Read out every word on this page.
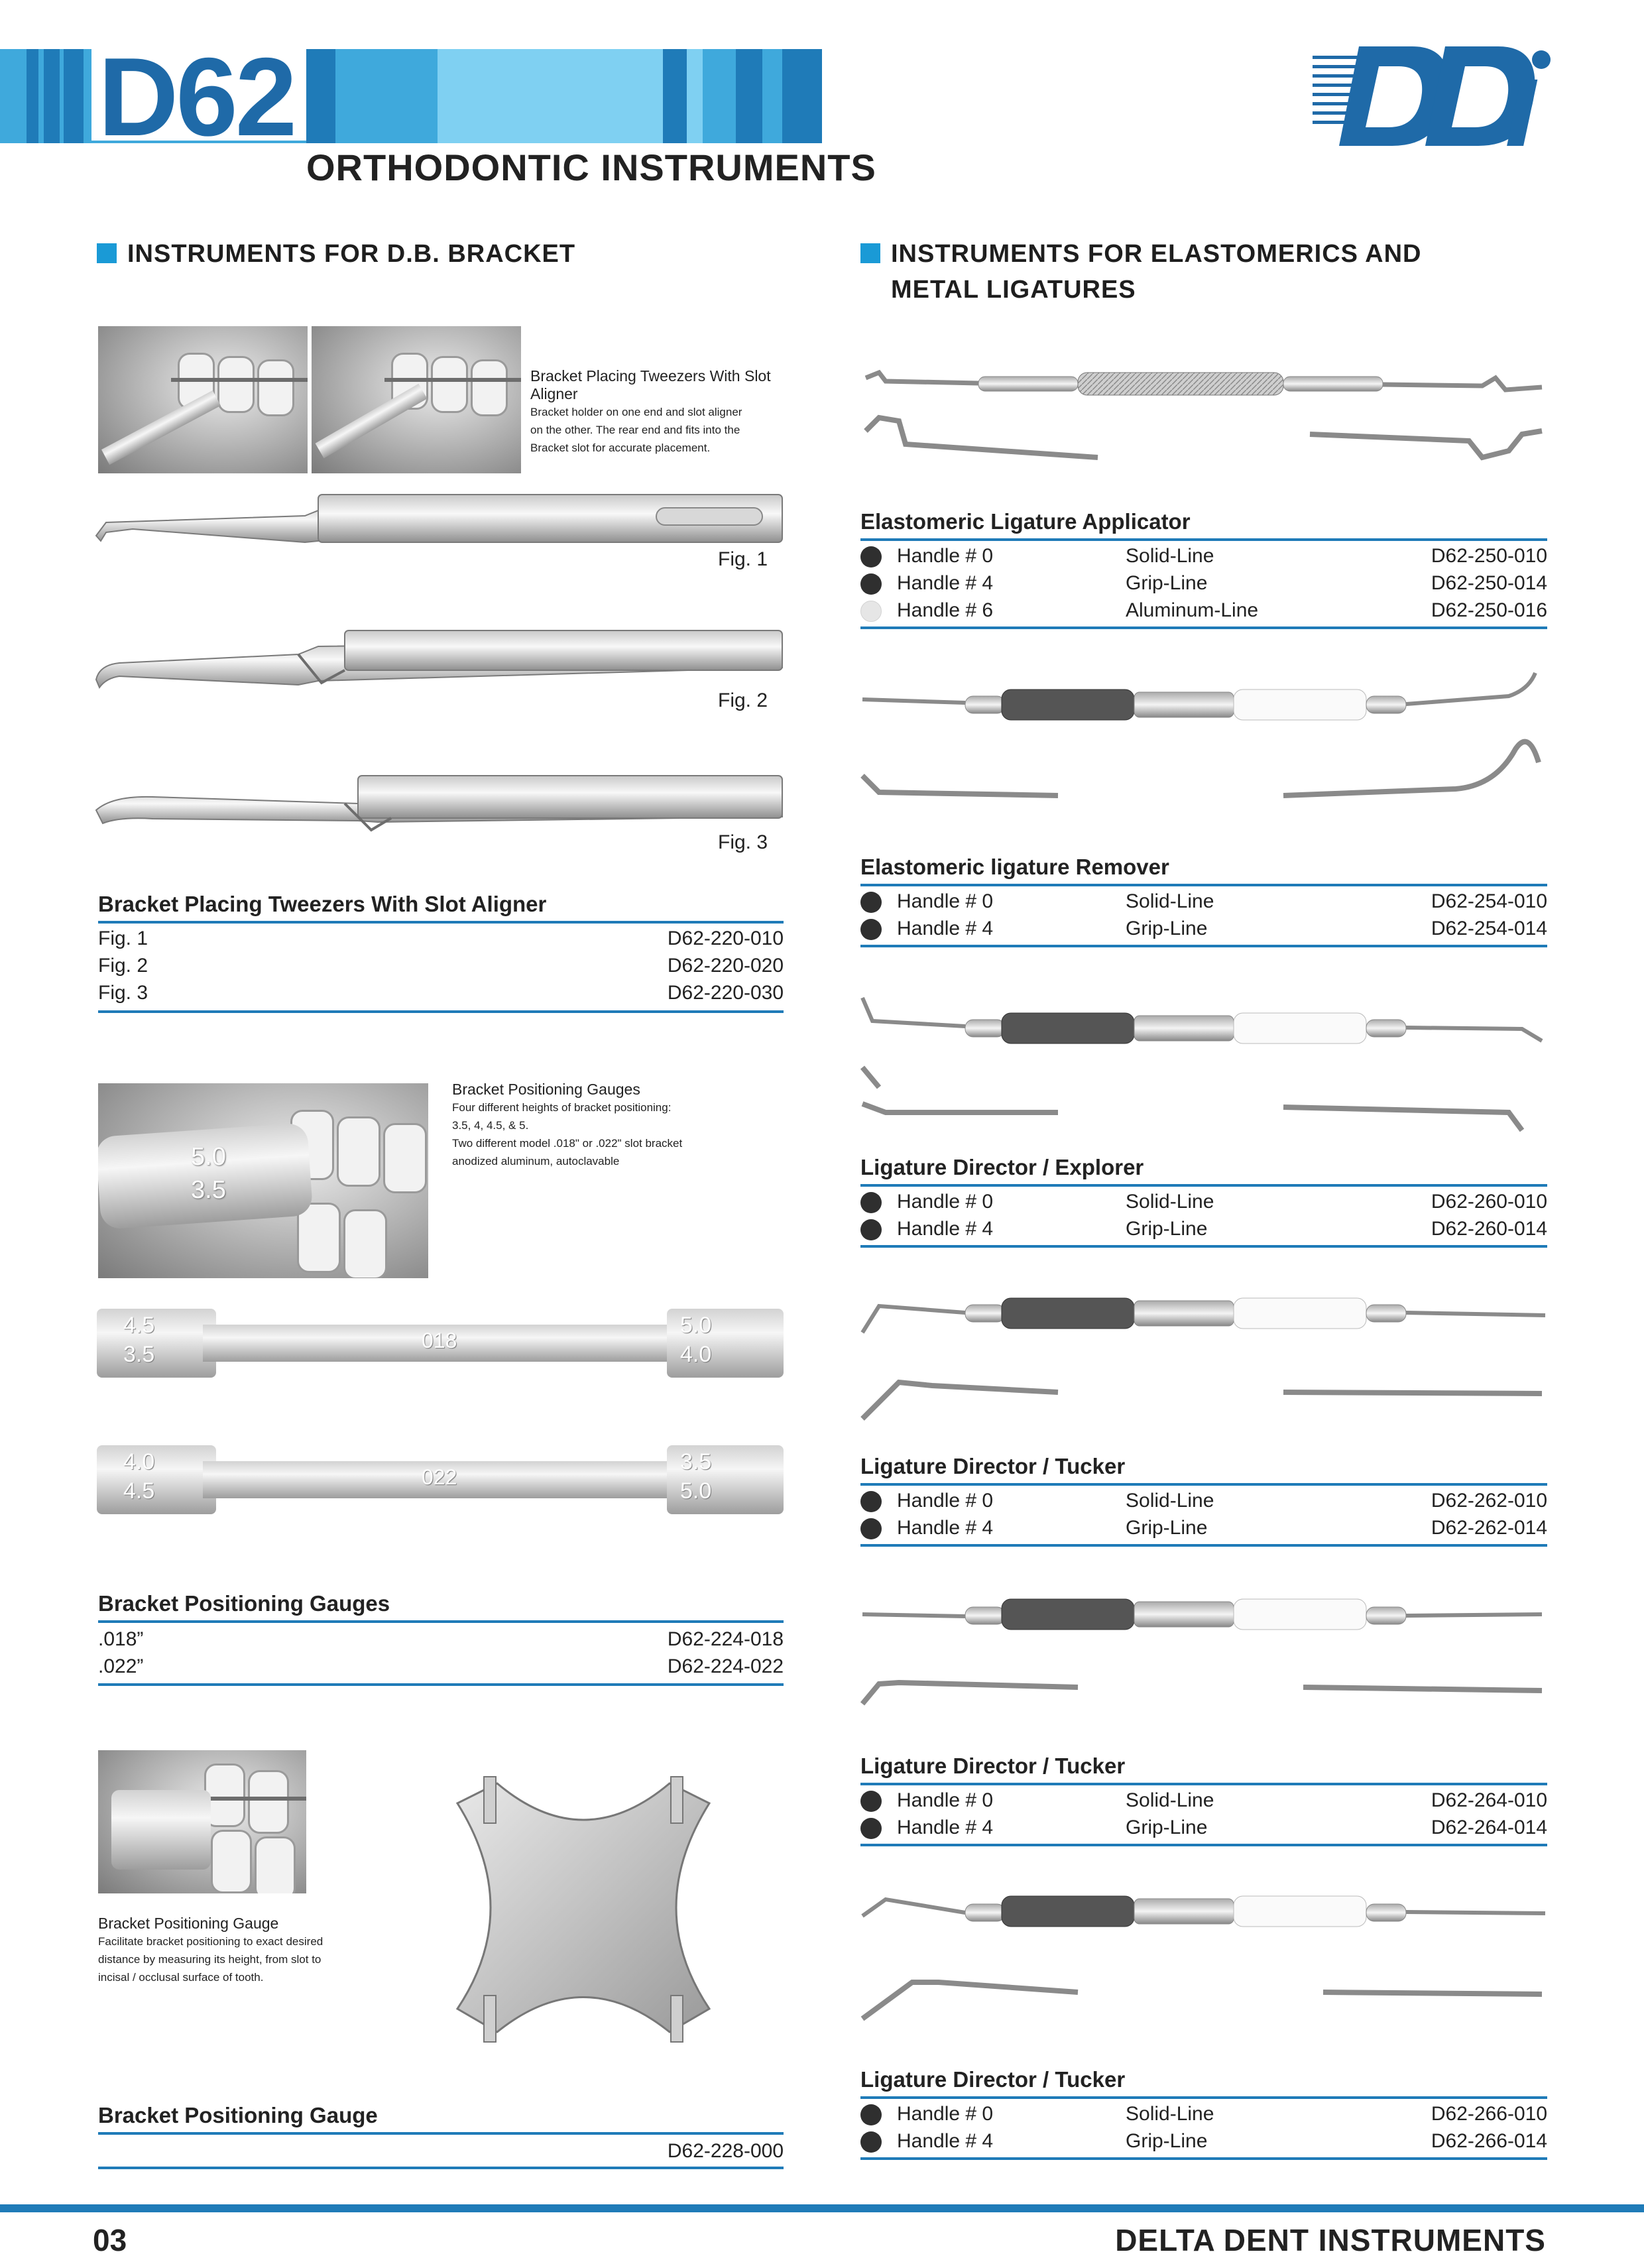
D62
ORTHODONTIC INSTRUMENTS
INSTRUMENTS FOR D.B. BRACKET	INSTRUMENTS FOR ELASTOMERICS AND
METAL LIGATURES
Bracket Placing Tweezers With Slot Aligner
Bracket holder on one end and slot aligner
on the other. The rear end and fits into the
Bracket slot for accurate placement.
Fig. 1
Fig. 2
Fig. 3
Bracket Placing Tweezers With Slot Aligner
Fig. 1	D62-220-010
Fig. 2	D62-220-020
Fig. 3	D62-220-030
5.0
3.5
Bracket Positioning Gauges
Four different heights of bracket positioning:
3.5, 4, 4.5, & 5.
Two different model .018" or .022" slot bracket
anodized aluminum, autoclavable
4.5
3.5
018
5.0
4.0
4.0
4.5
022
3.5
5.0
Bracket Positioning Gauges
.018”	D62-224-018
.022”	D62-224-022
Bracket Positioning Gauge
Facilitate bracket positioning to exact desired
distance by measuring its height, from slot to
incisal / occlusal surface of tooth.
Bracket Positioning Gauge
D62-228-000
Elastomeric Ligature Applicator
Handle # 0	Solid-Line	D62-250-010
Handle # 4	Grip-Line	D62-250-014
Handle # 6	Aluminum-Line	D62-250-016
Elastomeric ligature Remover
Handle # 0	Solid-Line	D62-254-010
Handle # 4	Grip-Line	D62-254-014
Ligature Director / Explorer
Handle # 0	Solid-Line	D62-260-010
Handle # 4	Grip-Line	D62-260-014
Ligature Director / Tucker
Handle # 0	Solid-Line	D62-262-010
Handle # 4	Grip-Line	D62-262-014
Ligature Director / Tucker
Handle # 0	Solid-Line	D62-264-010
Handle # 4	Grip-Line	D62-264-014
Ligature Director / Tucker
Handle # 0	Solid-Line	D62-266-010
Handle # 4	Grip-Line	D62-266-014
03	DELTA DENT INSTRUMENTS
